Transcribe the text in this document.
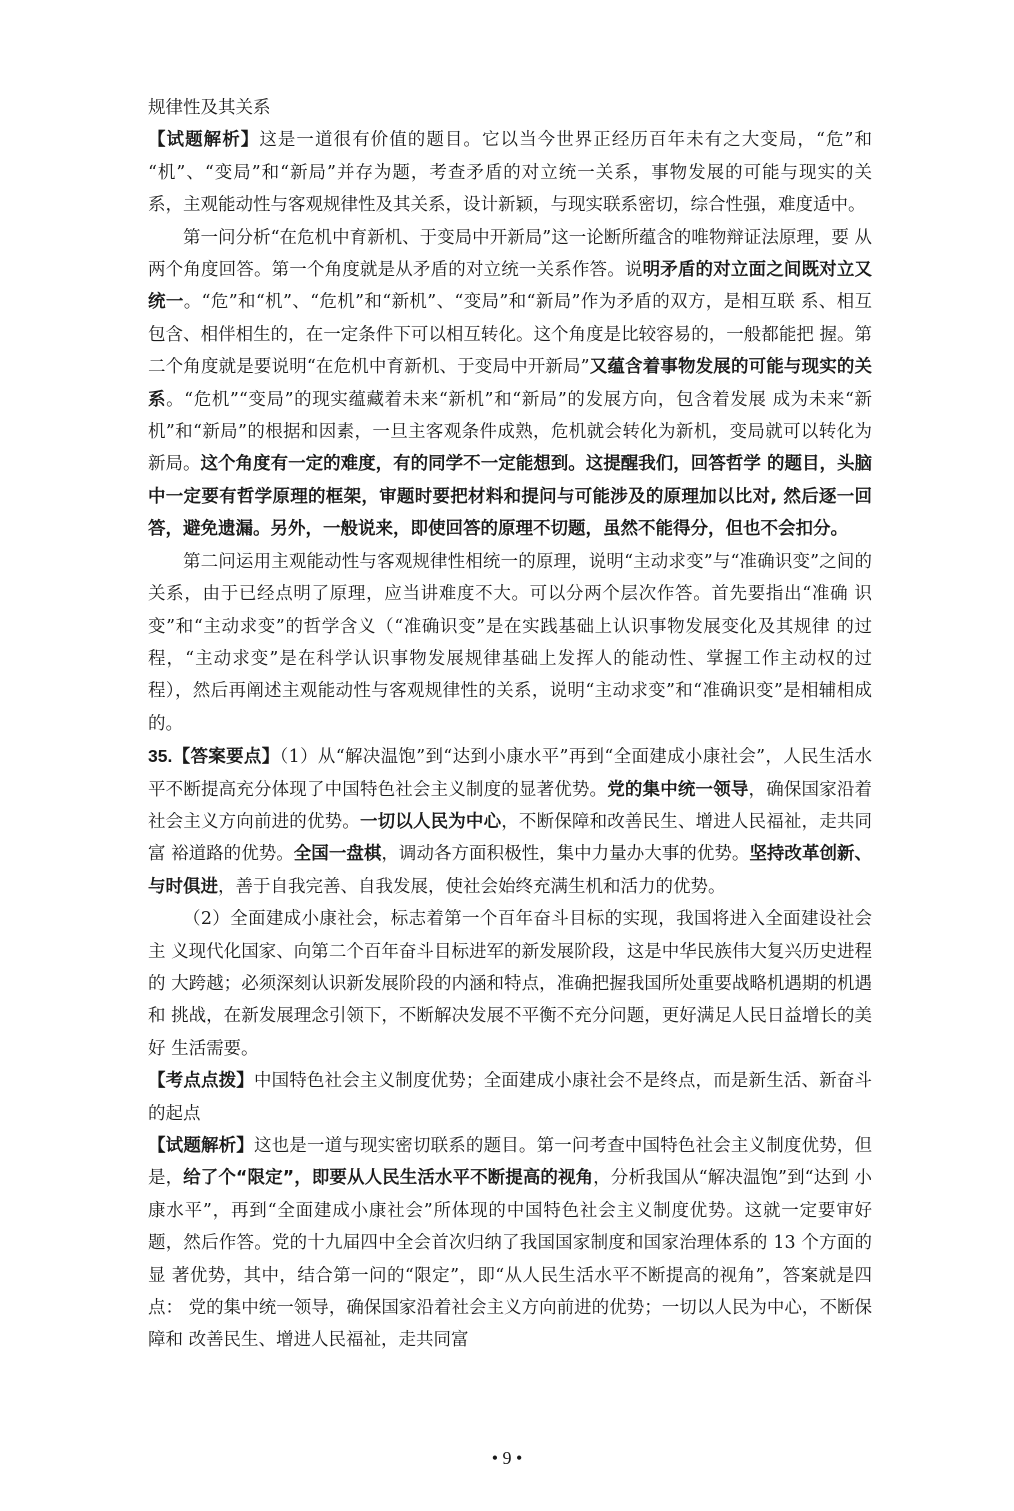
规律性及其关系

【试题解析】这是一道很有价值的题目。它以当今世界正经历百年未有之大变局，“危”和 “机”、“变局”和“新局”并存为题，考查矛盾的对立统一关系，事物发展的可能与现实的关 系，主观能动性与客观规律性及其关系，设计新颖，与现实联系密切，综合性强，难度适中。

第一问分析“在危机中育新机、于变局中开新局”这一论断所蕴含的唯物辩证法原理，要 从两个角度回答。第一个角度就是从矛盾的对立统一关系作答。说明矛盾的对立面之间既对立又统一。“危”和“机”、“危机”和“新机”、“变局”和“新局”作为矛盾的双方，是相互联 系、相互包含、相伴相生的，在一定条件下可以相互转化。这个角度是比较容易的，一般都能把 握。第二个角度就是要说明“在危机中育新机、于变局中开新局”又蕴含着事物发展的可能与现实的关系。“危机”“变局”的现实蕴藏着未来“新机”和“新局”的发展方向，包含着发展 成为未来“新机”和“新局”的根据和因素，一旦主客观条件成熟，危机就会转化为新机，变局就可以转化为新局。这个角度有一定的难度，有的同学不一定能想到。这提醒我们，回答哲学 的题目，头脑中一定要有哲学原理的框架，审题时要把材料和提问与可能涉及的原理加以比对, 然后逐一回答，避免遗漏。另外，一般说来，即使回答的原理不切题，虽然不能得分，但也不会扣分。

第二问运用主观能动性与客观规律性相统一的原理，说明“主动求变”与“准确识变”之间的关系，由于已经点明了原理，应当讲难度不大。可以分两个层次作答。首先要指出“准确 识变”和“主动求变”的哲学含义（“准确识变”是在实践基础上认识事物发展变化及其规律 的过程，“主动求变”是在科学认识事物发展规律基础上发挥人的能动性、掌握工作主动权的过程），然后再阐述主观能动性与客观规律性的关系，说明“主动求变”和“准确识变”是相辅相成的。

35.【答案要点】（1）从“解决温饱”到“达到小康水平”再到“全面建成小康社会”，人民生活水 平不断提高充分体现了中国特色社会主义制度的显著优势。党的集中统一领导，确保国家沿着社会主义方向前进的优势。一切以人民为中心，不断保障和改善民生、增进人民福祉，走共同富 裕道路的优势。全国一盘棋，调动各方面积极性，集中力量办大事的优势。坚持改革创新、与时俱进，善于自我完善、自我发展，使社会始终充满生机和活力的优势。

（2）全面建成小康社会，标志着第一个百年奋斗目标的实现，我国将进入全面建设社会主 义现代化国家、向第二个百年奋斗目标进军的新发展阶段，这是中华民族伟大复兴历史进程的 大跨越；必须深刻认识新发展阶段的内涵和特点，准确把握我国所处重要战略机遇期的机遇和 挑战，在新发展理念引领下，不断解决发展不平衡不充分问题，更好满足人民日益增长的美好 生活需要。

【考点点拨】中国特色社会主义制度优势；全面建成小康社会不是终点，而是新生活、新奋斗的起点

【试题解析】这也是一道与现实密切联系的题目。第一问考查中国特色社会主义制度优势，但是，给了个“限定”，即要从人民生活水平不断提高的视角，分析我国从“解决温饱”到“达到 小康水平”，再到“全面建成小康社会”所体现的中国特色社会主义制度优势。这就一定要审好 题，然后作答。党的十九届四中全会首次归纳了我国国家制度和国家治理体系的 13 个方面的显 著优势，其中，结合第一问的“限定”，即“从人民生活水平不断提高的视角”，答案就是四点： 党的集中统一领导，确保国家沿着社会主义方向前进的优势；一切以人民为中心，不断保障和 改善民生、增进人民福祉，走共同富

• 9 •
